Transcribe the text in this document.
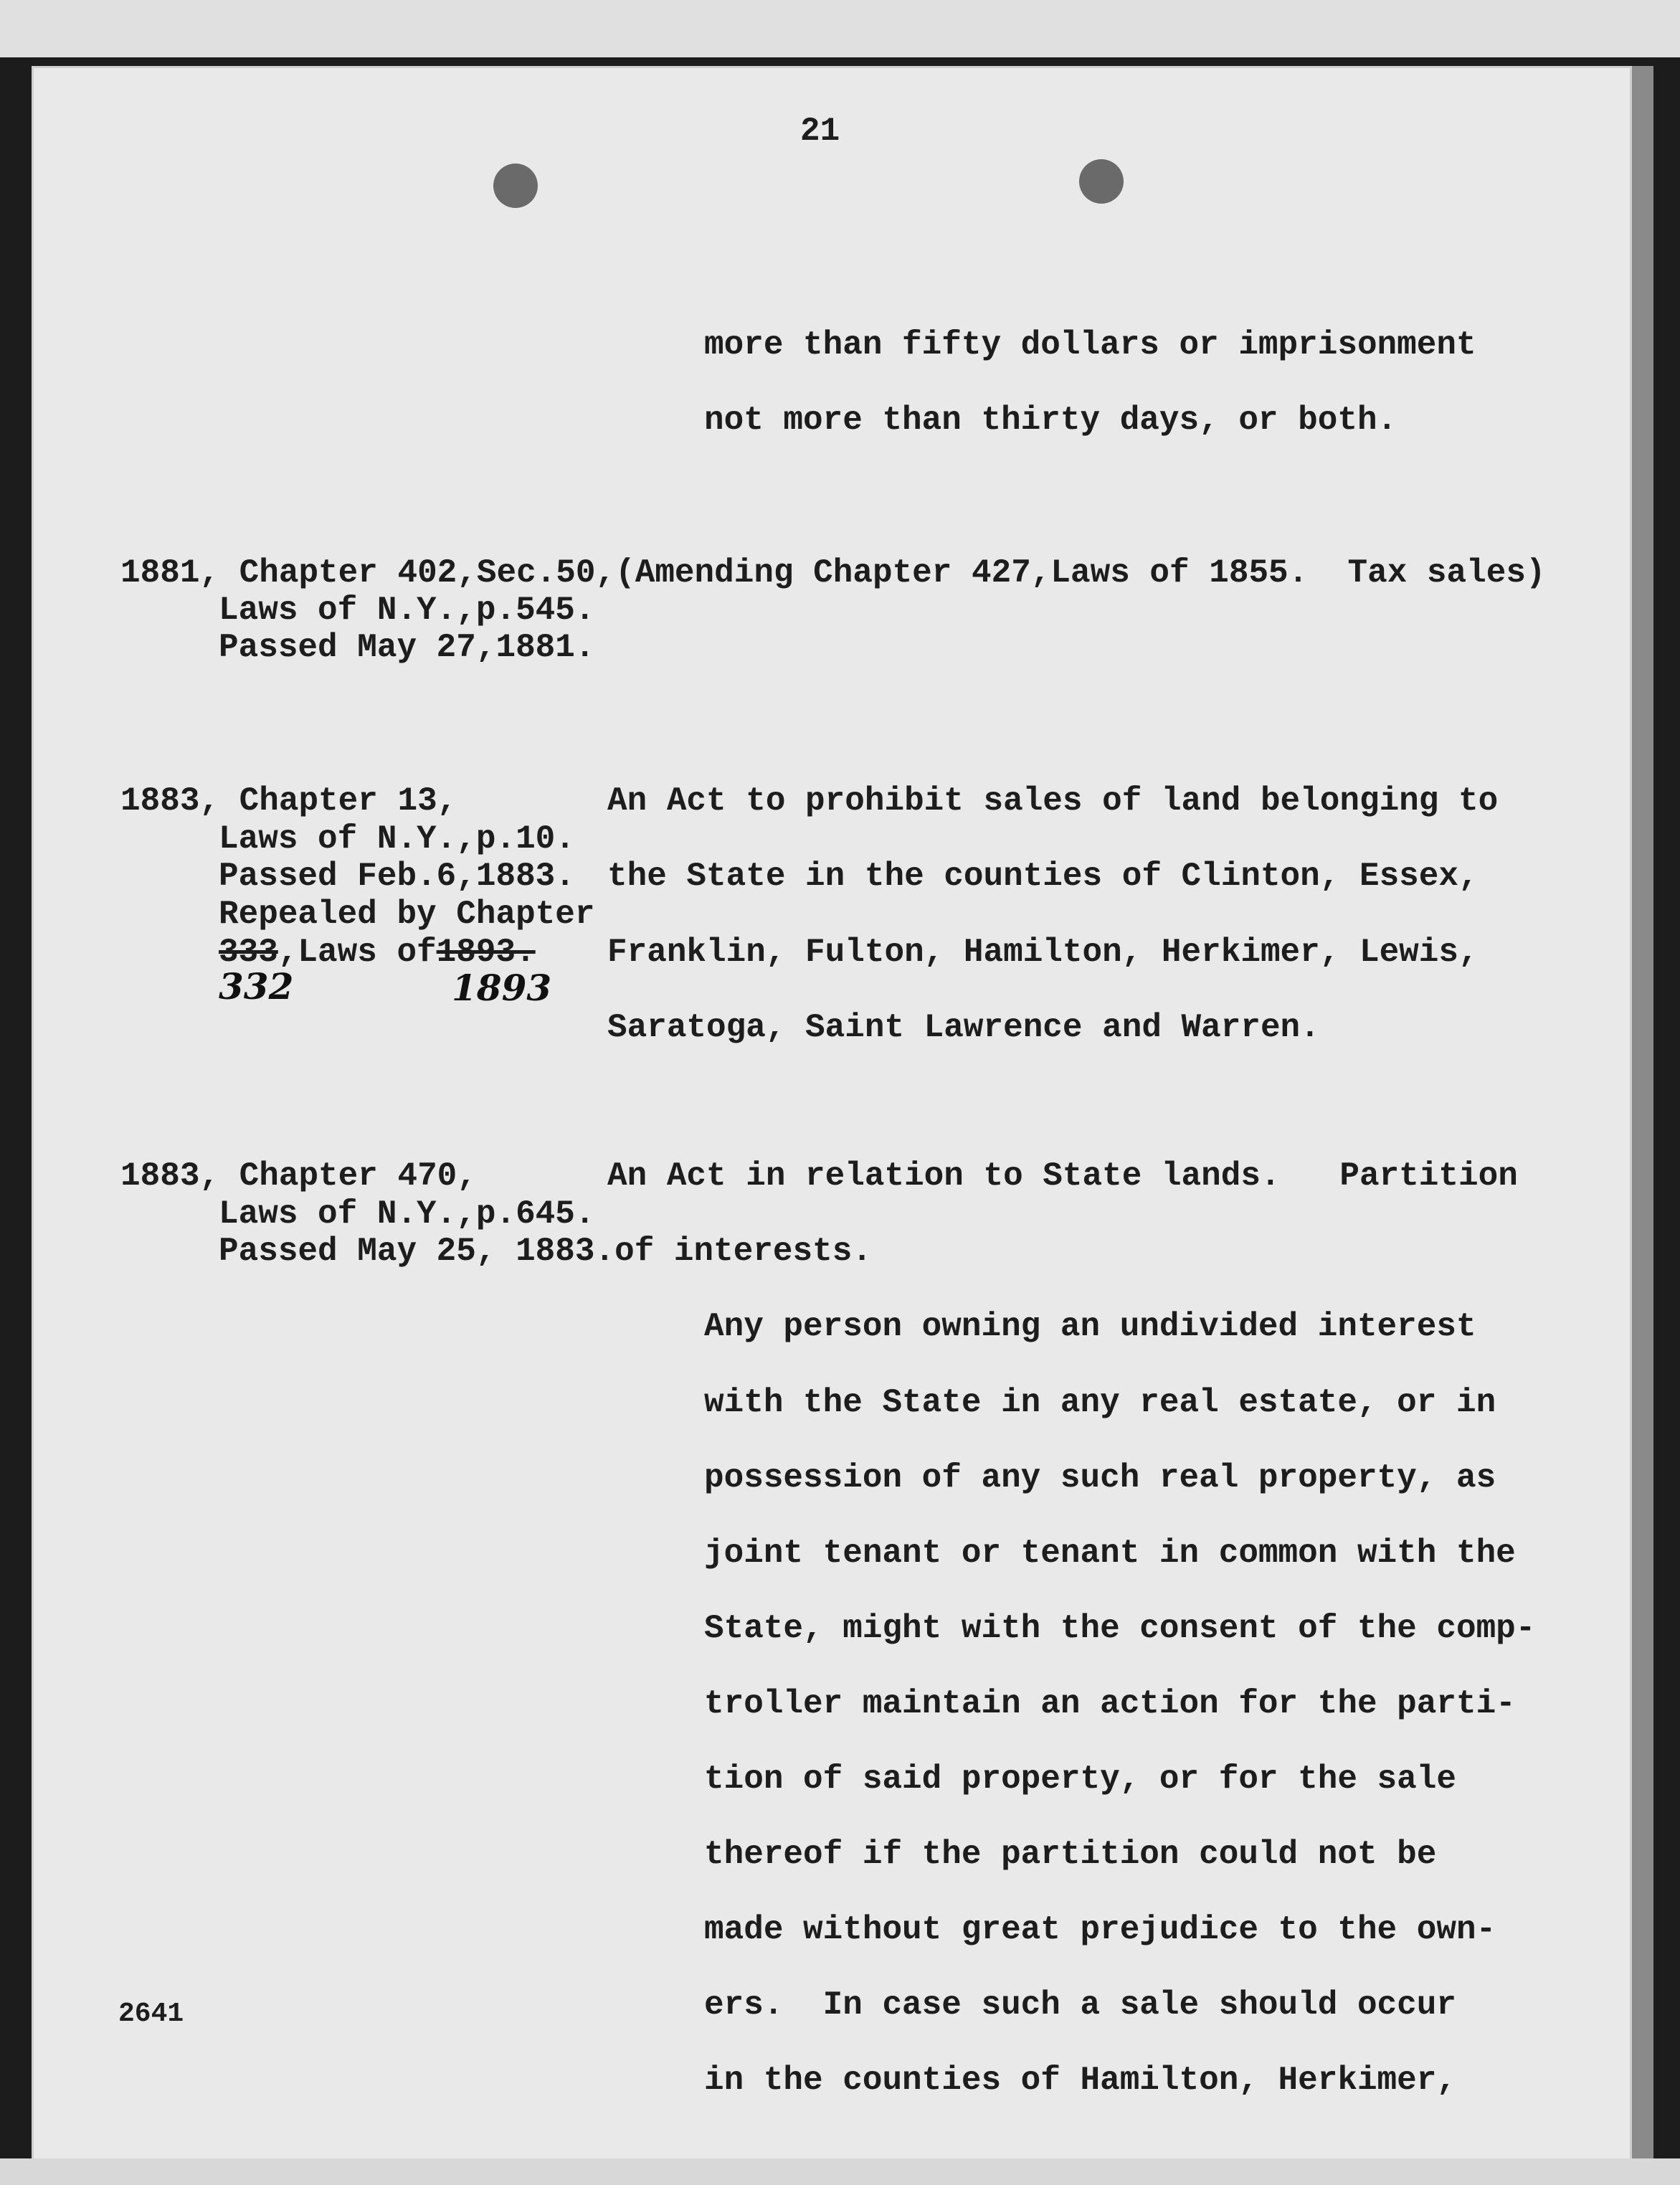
21
more than fifty dollars or imprisonment
not more than thirty days, or both.
1881, Chapter 402,Sec.50,(Amending Chapter 427,Laws of 1855.  Tax sales)
Laws of N.Y.,p.545.
Passed May 27,1881.
1883, Chapter 13,
Laws of N.Y.,p.10.
Passed Feb.6,1883.
Repealed by Chapter
333,Laws of1893.
332	1893
An Act to prohibit sales of land belonging to
the State in the counties of Clinton, Essex,
Franklin, Fulton, Hamilton, Herkimer, Lewis,
Saratoga, Saint Lawrence and Warren.
1883, Chapter 470,	An Act in relation to State lands.   Partition
Laws of N.Y.,p.645.
Passed May 25, 1883.of interests.
Any person owning an undivided interest
with the State in any real estate, or in
possession of any such real property, as
joint tenant or tenant in common with the
State, might with the consent of the comp-
troller maintain an action for the parti-
tion of said property, or for the sale
thereof if the partition could not be
made without great prejudice to the own-
ers.  In case such a sale should occur
in the counties of Hamilton, Herkimer,
2641
